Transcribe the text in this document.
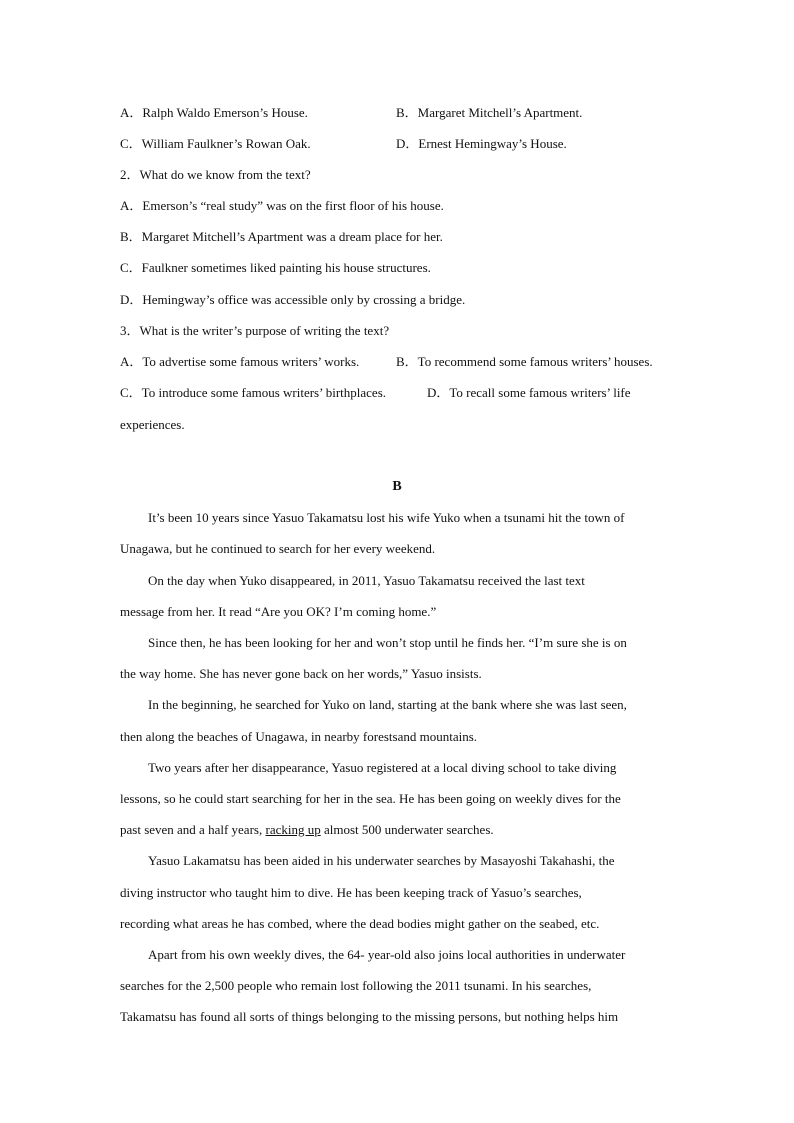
A．Ralph Waldo Emerson’s House.	B．Margaret Mitchell’s Apartment.
C．William Faulkner’s Rowan Oak.	D．Ernest Hemingway’s House.
2．What do we know from the text?
A．Emerson’s “real study” was on the first floor of his house.
B．Margaret Mitchell’s Apartment was a dream place for her.
C．Faulkner sometimes liked painting his house structures.
D．Hemingway’s office was accessible only by crossing a bridge.
3．What is the writer’s purpose of writing the text?
A．To advertise some famous writers’ works.	B．To recommend some famous writers’ houses.
C．To introduce some famous writers’ birthplaces.	D．To recall some famous writers’ life
experiences.
B
It’s been 10 years since Yasuo Takamatsu lost his wife Yuko when a tsunami hit the town of
Unagawa, but he continued to search for her every weekend.
On the day when Yuko disappeared, in 2011, Yasuo Takamatsu received the last text
message from her. It read “Are you OK? I’m coming home.”
Since then, he has been looking for her and won’t stop until he finds her. “I’m sure she is on
the way home. She has never gone back on her words,” Yasuo insists.
In the beginning, he searched for Yuko on land, starting at the bank where she was last seen,
then along the beaches of Unagawa, in nearby forestsand mountains.
Two years after her disappearance, Yasuo registered at a local diving school to take diving
lessons, so he could start searching for her in the sea. He has been going on weekly dives for the
past seven and a half years, racking up almost 500 underwater searches.
Yasuo Lakamatsu has been aided in his underwater searches by Masayoshi Takahashi, the
diving instructor who taught him to dive. He has been keeping track of Yasuo’s searches,
recording what areas he has combed, where the dead bodies might gather on the seabed, etc.
Apart from his own weekly dives, the 64- year-old also joins local authorities in underwater
searches for the 2,500 people who remain lost following the 2011 tsunami. In his searches,
Takamatsu has found all sorts of things belonging to the missing persons, but nothing helps him
